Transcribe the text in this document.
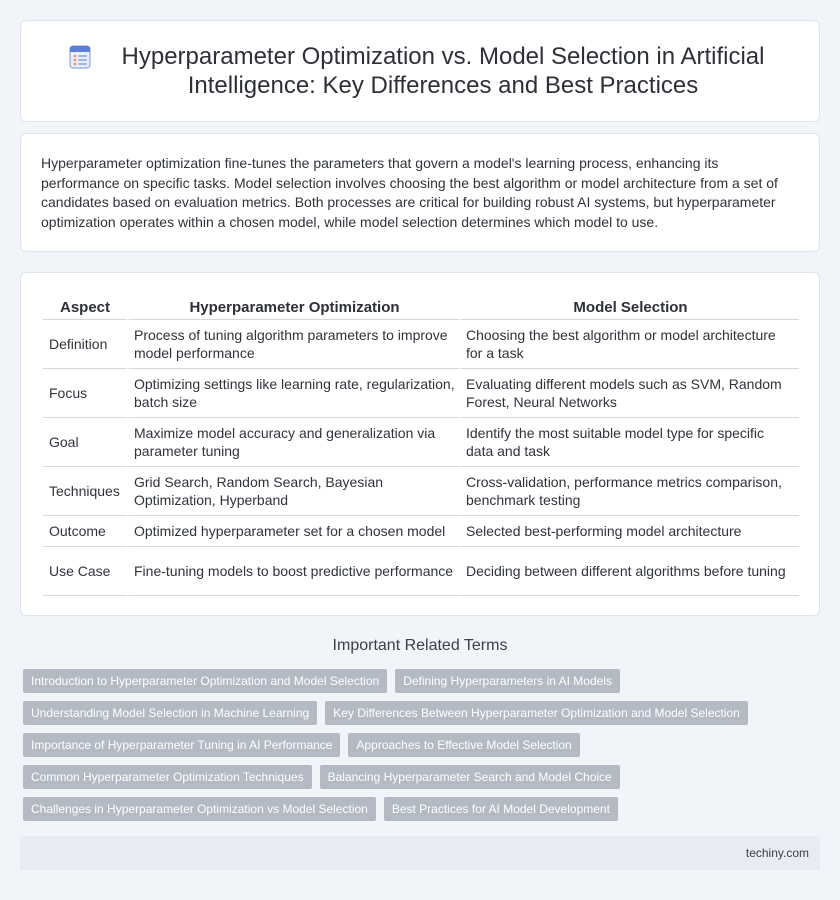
Hyperparameter Optimization vs. Model Selection in Artificial Intelligence: Key Differences and Best Practices

Hyperparameter optimization fine-tunes the parameters that govern a model's learning process, enhancing its performance on specific tasks. Model selection involves choosing the best algorithm or model architecture from a set of candidates based on evaluation metrics. Both processes are critical for building robust AI systems, but hyperparameter optimization operates within a chosen model, while model selection determines which model to use.

Aspect	Hyperparameter Optimization	Model Selection
Definition	Process of tuning algorithm parameters to improve model performance	Choosing the best algorithm or model architecture for a task
Focus	Optimizing settings like learning rate, regularization, batch size	Evaluating different models such as SVM, Random Forest, Neural Networks
Goal	Maximize model accuracy and generalization via parameter tuning	Identify the most suitable model type for specific data and task
Techniques	Grid Search, Random Search, Bayesian Optimization, Hyperband	Cross-validation, performance metrics comparison, benchmark testing
Outcome	Optimized hyperparameter set for a chosen model	Selected best-performing model architecture
Use Case	Fine-tuning models to boost predictive performance	Deciding between different algorithms before tuning
Important Related Terms
Introduction to Hyperparameter Optimization and Model Selection	Defining Hyperparameters in AI Models
Understanding Model Selection in Machine Learning	Key Differences Between Hyperparameter Optimization and Model Selection
Importance of Hyperparameter Tuning in AI Performance	Approaches to Effective Model Selection
Common Hyperparameter Optimization Techniques	Balancing Hyperparameter Search and Model Choice
Challenges in Hyperparameter Optimization vs Model Selection	Best Practices for AI Model Development
techiny.com
